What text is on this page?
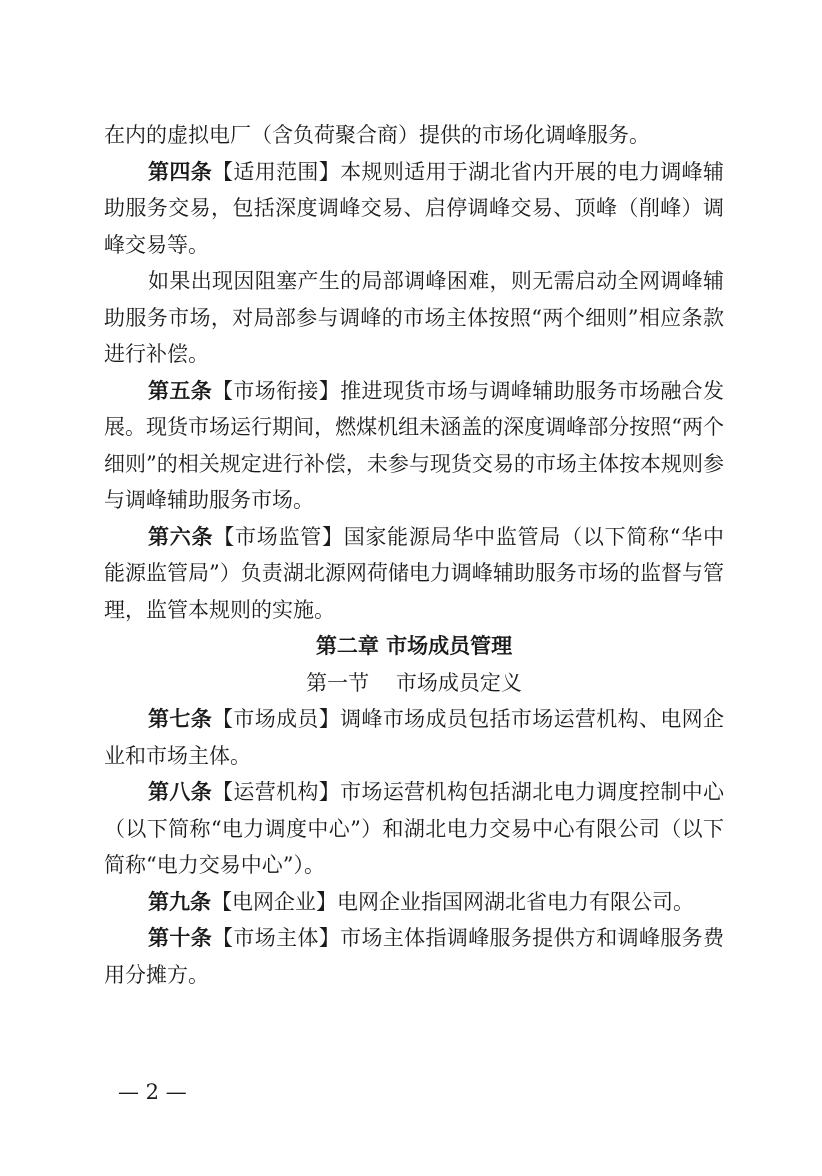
在内的虚拟电厂（含负荷聚合商）提供的市场化调峰服务。

第四条【适用范围】本规则适用于湖北省内开展的电力调峰辅助服务交易，包括深度调峰交易、启停调峰交易、顶峰（削峰）调峰交易等。

如果出现因阻塞产生的局部调峰困难，则无需启动全网调峰辅助服务市场，对局部参与调峰的市场主体按照“两个细则”相应条款进行补偿。

第五条【市场衔接】推进现货市场与调峰辅助服务市场融合发展。现货市场运行期间，燃煤机组未涵盖的深度调峰部分按照“两个细则”的相关规定进行补偿，未参与现货交易的市场主体按本规则参与调峰辅助服务市场。

第六条【市场监管】国家能源局华中监管局（以下简称“华中能源监管局”）负责湖北源网荷储电力调峰辅助服务市场的监督与管理，监管本规则的实施。

第二章 市场成员管理

第一节    市场成员定义

第七条【市场成员】调峰市场成员包括市场运营机构、电网企业和市场主体。

第八条【运营机构】市场运营机构包括湖北电力调度控制中心（以下简称“电力调度中心”）和湖北电力交易中心有限公司（以下简称“电力交易中心”）。

第九条【电网企业】电网企业指国网湖北省电力有限公司。

第十条【市场主体】市场主体指调峰服务提供方和调峰服务费用分摊方。

— 2 —
